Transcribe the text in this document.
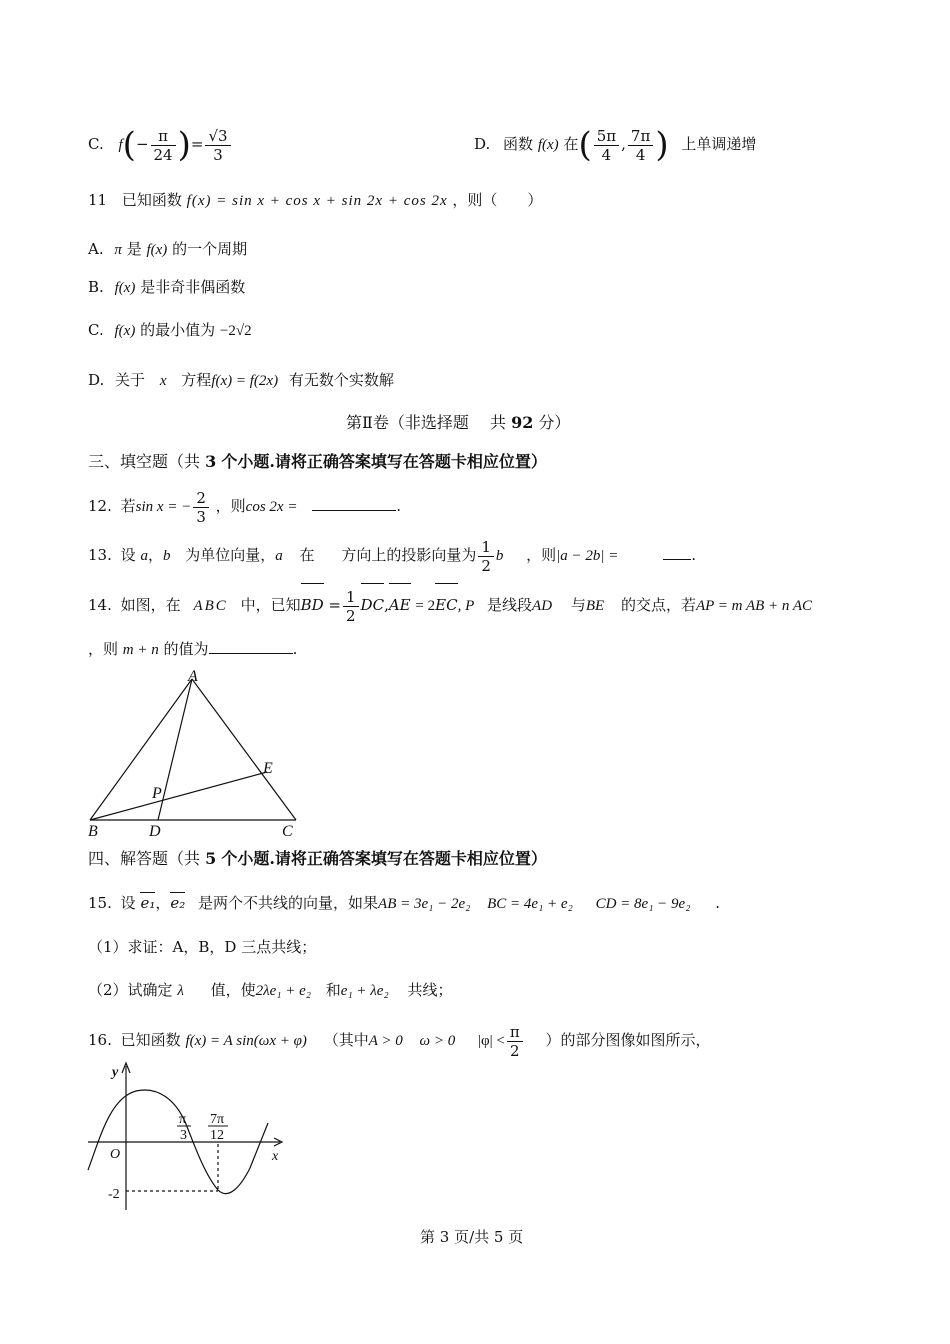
C. $f(- \frac{\pi}{24}$ )= $\frac{√3}{3}$	D. 函数 f(x) 在( $\frac{5\pi}{4}$ , $\frac{7\pi}{4}$ ) 上单调递增
11 已知函数 f(x) = sin x + cos x + sin 2x + cos 2x ，则（　　）
A. π 是 f(x) 的一个周期
B. f(x) 是非奇非偶函数
C. f(x) 的最小值为 −2√2
D. 关于 x 方程f(x) = f(2x) 有无数个实数解
第Ⅱ卷（非选择题　 共 92 分）
三、填空题（共 3 个小题.请将正确答案填写在答题卡相应位置）
12. 若sin x = − $\frac{2}{3}$ ，则cos 2x =	.
13. 设 a，b 为单位向量，a 在 方向上的投影向量为 $\frac{1}{2}$ b ，则|a − 2b| =	.
14. 如图，在 ABC 中，已知BD = $\frac{1}{2} DC,AE = 2EC$, P 是线段AD 与BE 的交点，若AP = m AB + n AC
，则 m + n 的值为	.
A
B	C
D
E
P
四、解答题（共 5 个小题.请将正确答案填写在答题卡相应位置）
15. 设 e₁，e₂ 是两个不共线的向量，如果AB = 3e₁ − 2e₂ BC = 4e₁ + e₂ CD = 8e₁ − 9e₂ .
（1）求证：A，B，D 三点共线；
（2）试确定 λ 值，使2λe₁ + e₂ 和e₁ + λe₂ 共线；
16. 已知函数 f(x) = A sin(ωx + φ) （其中A > 0 ω > 0 $|\varphi| < \frac{\pi}{2}$ ）的部分图像如图所示，
y
x
O
-2
π
3
7π
12
第 3 页/共 5 页
